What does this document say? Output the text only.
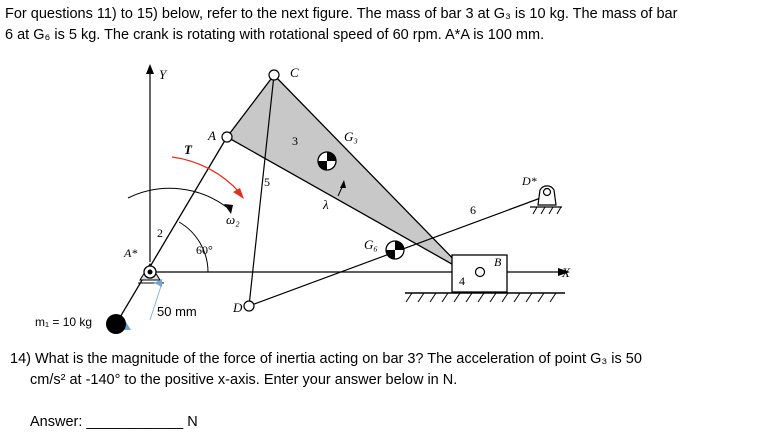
For questions 11) to 15) below, refer to the next figure. The mass of bar 3 at G₃ is 10 kg. The mass of bar

6 at G₆ is 5 kg. The crank is rotating with rotational speed of 60 rpm. A*A is 100 mm.

Y
X
C
A
T
3	G₃
5
ω₂
λ
2
60°
A*
G₆
6
D*
B
4
D
50 mm
m₁ = 10 kg

14) What is the magnitude of the force of inertia acting on bar 3? The acceleration of point G₃ is 50

cm/s² at -140° to the positive x-axis. Enter your answer below in N.

Answer: ____________ N
